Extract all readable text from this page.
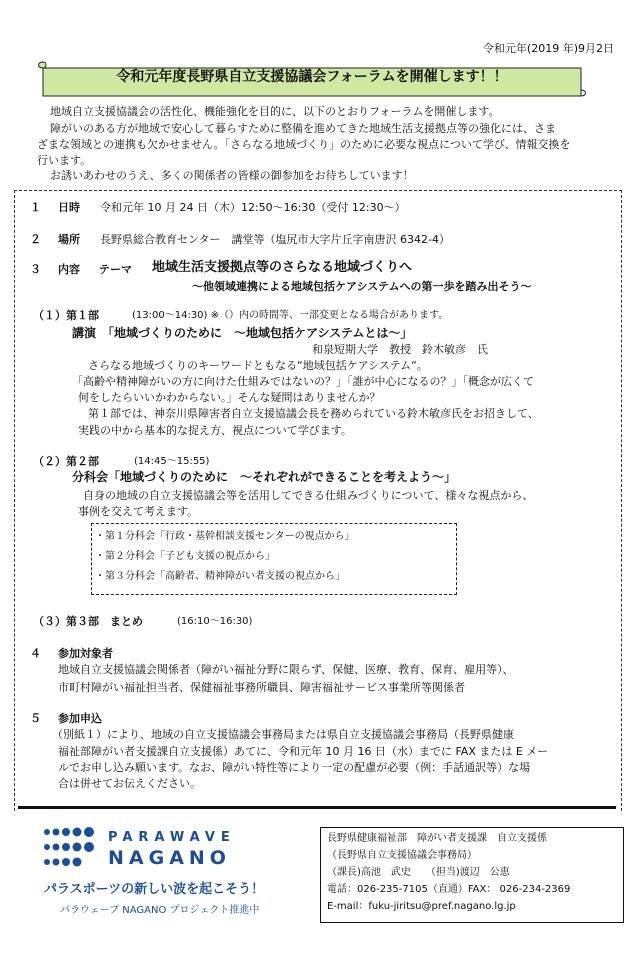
令和元年(2019 年)9月2日
令和元年度長野県自立支援協議会フォーラムを開催します！！
地域自立支援協議会の活性化、機能強化を目的に、以下のとおりフォーラムを開催します。
障がいのある方が地域で安心して暮らすために整備を進めてきた地域生活支援拠点等の強化には、さま
ざまな領域との連携も欠かせません。「さらなる地域づくり」のために必要な視点について学び、情報交換を
行います。
お誘いあわせのうえ、多くの関係者の皆様の御参加をお待ちしています！
１ 日時 令和元年 10 月 24 日（木）12:50～16:30（受付 12:30～）
２ 場所 長野県総合教育センター　講堂等（塩尻市大字片丘字南唐沢 6342-4）
３ 内容 テーマ 地域生活支援拠点等のさらなる地域づくりへ
～他領域連携による地域包括ケアシステムへの第一歩を踏み出そう～
（１）第１部	(13:00～14:30) ※（）内の時間等、一部変更となる場合があります。
講演　「地域づくりのために　～地域包括ケアシステムとは～」
和泉短期大学　教授　鈴木敏彦　氏
さらなる地域づくりのキーワードともなる“地域包括ケアシステム“。
「高齢や精神障がいの方に向けた仕組みではないの？」「誰が中心になるの？」「概念が広くて
何をしたらいいかわからない。」そんな疑問はありませんか？
第１部では、神奈川県障害者自立支援協議会長を務められている鈴木敏彦氏をお招きして、
実践の中から基本的な捉え方、視点について学びます。
（２）第２部	(14:45～15:55)
分科会「地域づくりのために　～それぞれができることを考えよう～」
自身の地域の自立支援協議会等を活用してできる仕組みづくりについて、様々な視点から、
事例を交えて考えます。
・第１分科会「行政・基幹相談支援センターの視点から」
・第２分科会「子ども支援の視点から」
・第３分科会「高齢者、精神障がい者支援の視点から」
（３）第３部　まとめ	(16:10～16:30)
４ 参加対象者
地域自立支援協議会関係者（障がい福祉分野に限らず、保健、医療、教育、保育、雇用等）、
市町村障がい福祉担当者、保健福祉事務所職員、障害福祉サービス事業所等関係者
５ 参加申込
（別紙１）により、地域の自立支援協議会事務局または県自立支援協議会事務局（長野県健康
福祉部障がい者支援課自立支援係）あてに、令和元年 10 月 16 日（水）までに FAX または E メー
ルでお申し込み願います。なお、障がい特性等により一定の配慮が必要（例：手話通訳等）な場
合は併せてお伝えください。
PARAWAVE
NAGANO
パラスポーツの新しい波を起こそう！
パラウェーブ NAGANO プロジェクト推進中
長野県健康福祉部　障がい者支援課　自立支援係
（長野県自立支援協議会事務局）
（課長)高池　武史　　（担当)渡辺　公恵
電話：026-235-7105（直通）FAX： 026-234-2369
E-mail：fuku-jiritsu@pref.nagano.lg.jp
